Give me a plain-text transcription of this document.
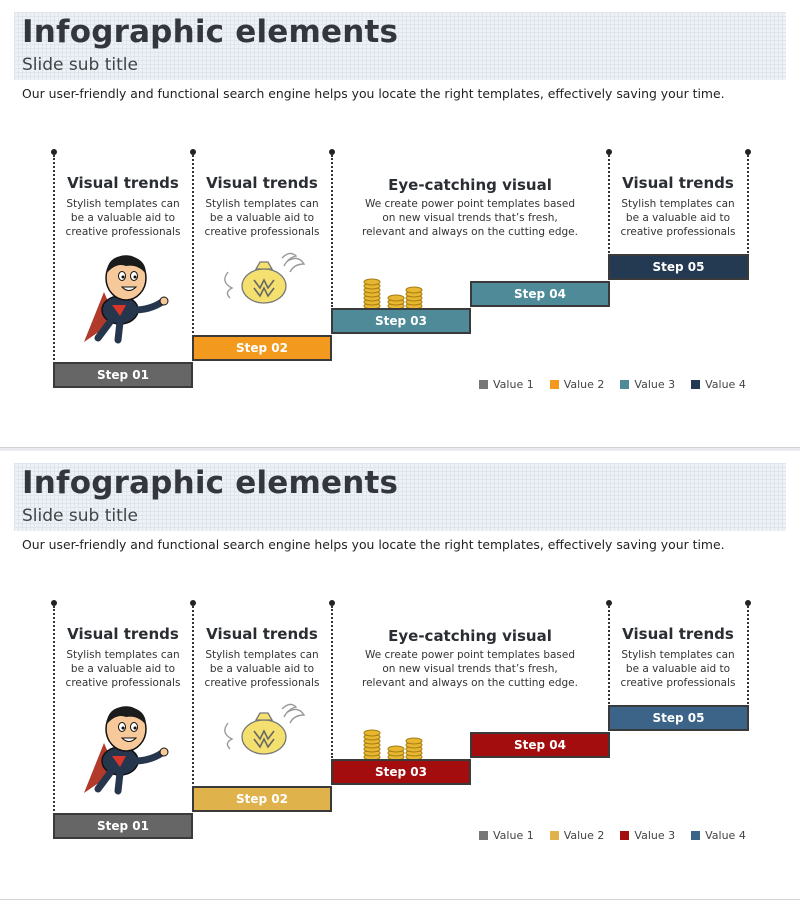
Infographic elements
Slide sub title
Our user-friendly and functional search engine helps you locate the right templates, effectively saving your time.
Visual trends
Stylish templates can be a valuable aid to creative professionals
Visual trends
Stylish templates can be a valuable aid to creative professionals
Eye-catching visual
We create power point templates based on new visual trends that’s fresh, relevant and always on the cutting edge.
Visual trends
Stylish templates can be a valuable aid to creative professionals
Step 01
Step 02
Step 03
Step 04
Step 05
Value 1	Value 2	Value 3	Value 4
Infographic elements
Slide sub title
Our user-friendly and functional search engine helps you locate the right templates, effectively saving your time.
Visual trends
Stylish templates can be a valuable aid to creative professionals
Visual trends
Stylish templates can be a valuable aid to creative professionals
Eye-catching visual
We create power point templates based on new visual trends that’s fresh, relevant and always on the cutting edge.
Visual trends
Stylish templates can be a valuable aid to creative professionals
Step 01
Step 02
Step 03
Step 04
Step 05
Value 1	Value 2	Value 3	Value 4
